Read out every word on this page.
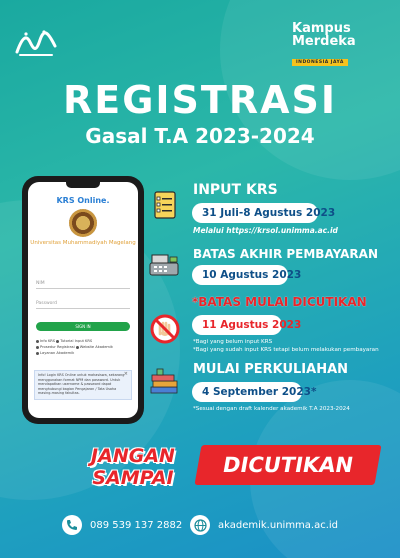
Kampus
Merdeka
INDONESIA JAYA
REGISTRASI
Gasal T.A 2023-2024
KRS Online.
Universitas Muhammadiyah Magelang
NIM
Password
SIGN IN
Info KRS Tutorial Input KRS
Prosedur Registrasi Website Akademik
Layanan Akademik
×
Info! Login KRS Online untuk mahasiswa, sekarang menggunakan format NPM dan password. Untuk mendapatkan username & password dapat menghubungi bagian Pengajaran / Tata Usaha masing-masing fakultas.
INPUT KRS
31 Juli-8 Agustus 2023
Melalui https://krsol.unimma.ac.id
BATAS AKHIR PEMBAYARAN
10 Agustus 2023
*BATAS MULAI DICUTIKAN
11 Agustus 2023
*Bagi yang belum input KRS
*Bagi yang sudah input KRS tetapi belum melakukan pembayaran
MULAI PERKULIAHAN
4 September 2023*
*Sesuai dengan draft kalender akademik T.A 2023-2024
JANGAN
SAMPAI
DICUTIKAN
089 539 137 2882	akademik.unimma.ac.id
